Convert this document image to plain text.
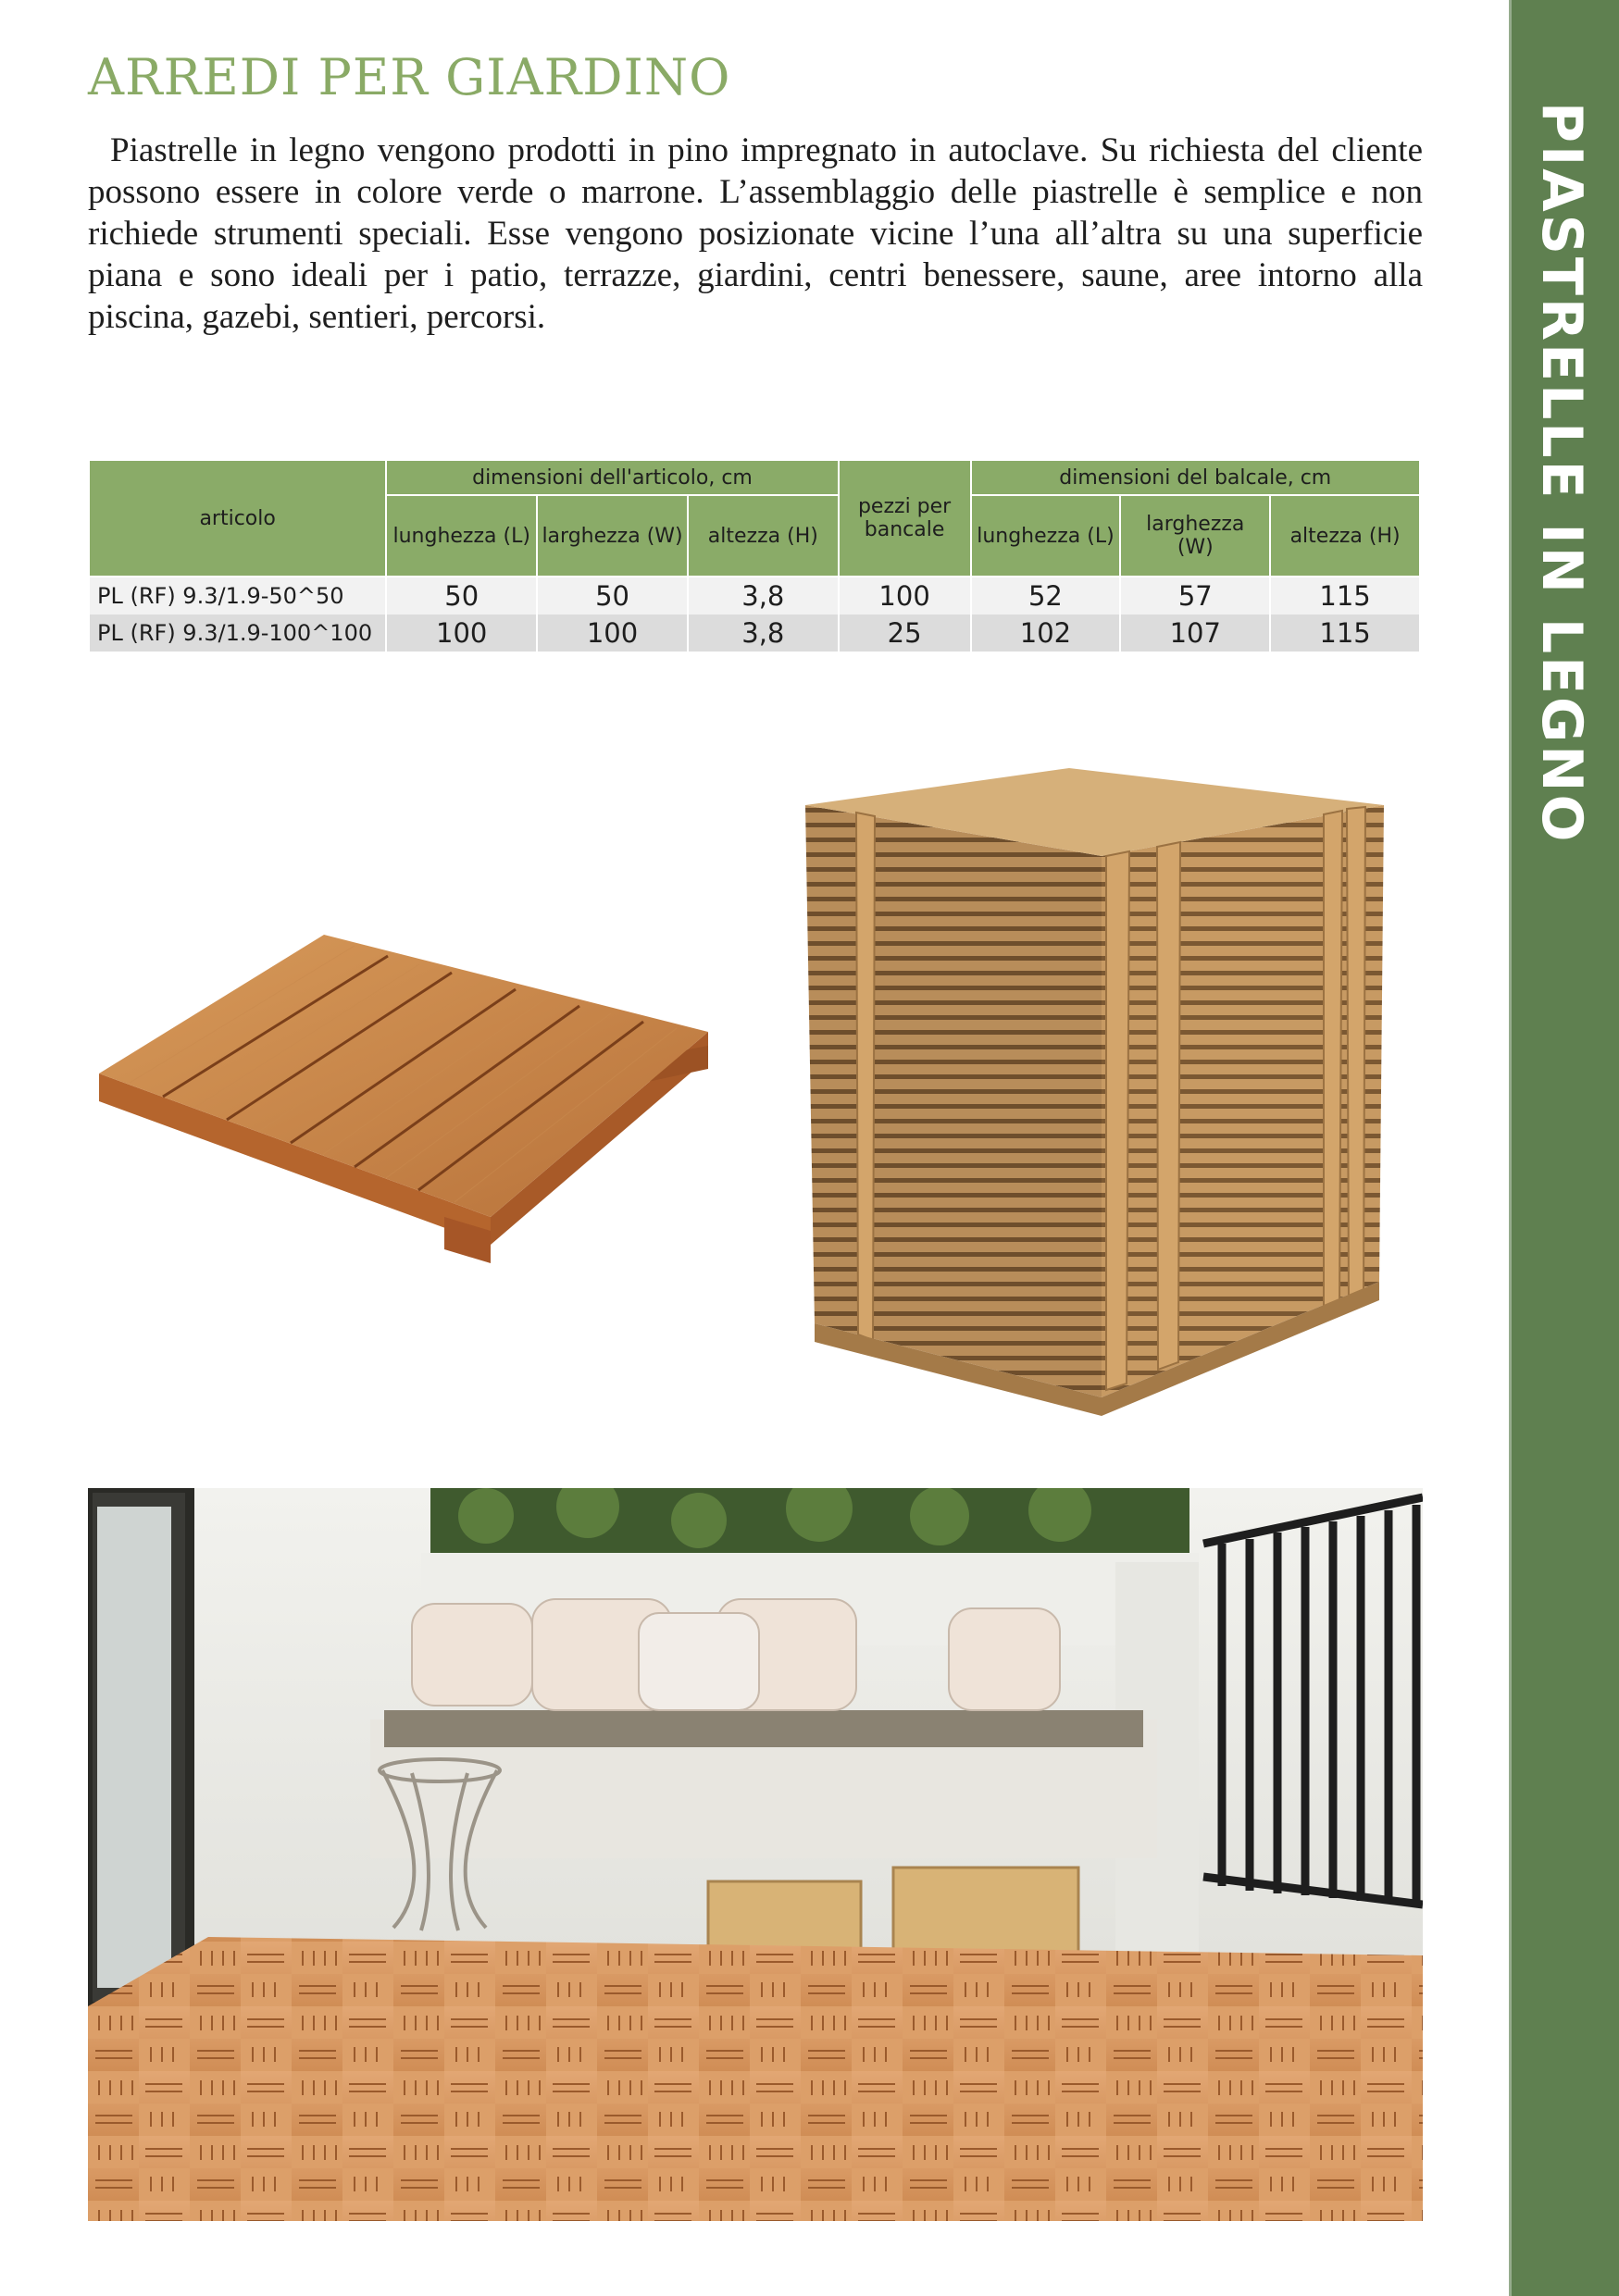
PIASTRELLE IN LEGNO
ARREDI PER GIARDINO

Piastrelle in legno vengono prodotti in pino impregnato in autoclave. Su richiesta del cliente possono essere in colore verde o marrone. L’assemblaggio delle piastrelle è semplice e non richiede strumenti speciali. Esse vengono posizionate vicine l’una all’altra su una superficie piana e sono ideali per i patio, terrazze, giardini, centri benessere, saune, aree intorno alla piscina, gazebi, sentieri, percorsi.

articolo	dimensioni dell'articolo, cm			pezzi per bancale	dimensioni del balcale, cm		
	lunghezza (L)	larghezza (W)	altezza (H)		lunghezza (L)	larghezza (W)	altezza (H)
PL (RF) 9.3/1.9-50^50	50	50	3,8	100	52	57	115
PL (RF) 9.3/1.9-100^100	100	100	3,8	25	102	107	115
